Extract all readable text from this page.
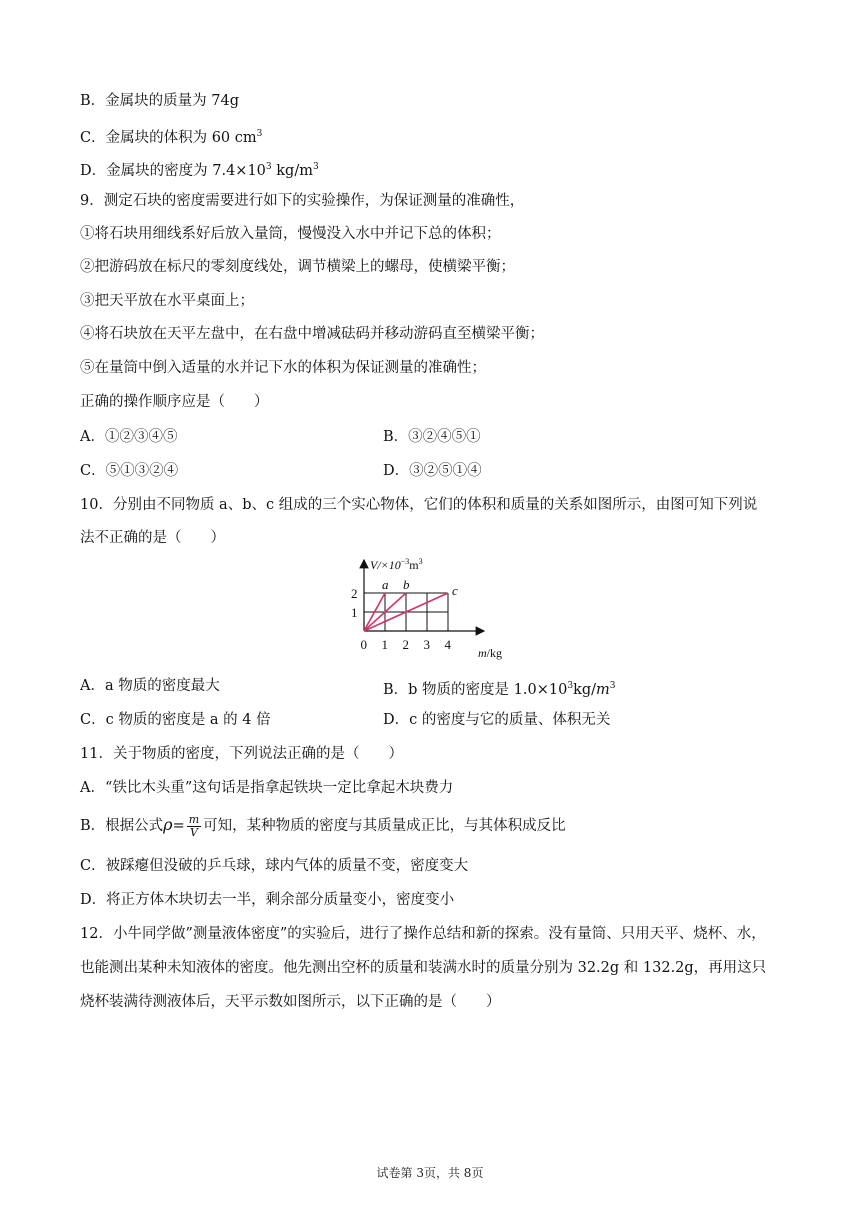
B．金属块的质量为 74g
C．金属块的体积为 60 $cm^3$
D．金属块的密度为 $7.4\times 10^3$ $kg/m^3$
9．测定石块的密度需要进行如下的实验操作，为保证测量的准确性，
①将石块用细线系好后放入量筒，慢慢没入水中并记下总的体积；
②把游码放在标尺的零刻度线处，调节横梁上的螺母，使横梁平衡；
③把天平放在水平桌面上；
④将石块放在天平左盘中，在右盘中增减砝码并移动游码直至横梁平衡；
⑤在量筒中倒入适量的水并记下水的体积为保证测量的准确性；
正确的操作顺序应是（　　）
A．①②③④⑤	B．③②④⑤①
C．⑤①③②④	D．③②⑤①④
10．分别由不同物质 a、b、c 组成的三个实心物体，它们的体积和质量的关系如图所示，由图可知下列说
法不正确的是（　　）
a b	c
0 1 2 3 4
1
2
$V/\times 10^{-3}m^3$
m/kg
A．a 物质的密度最大	B．b 物质的密度是 $1.0\times 10^3kg/m^3$
C．c 物质的密度是 a 的 4 倍	D．c 的密度与它的质量、体积无关
11．关于物质的密度，下列说法正确的是（　　）
A．“铁比木头重”这句话是指拿起铁块一定比拿起木块费力
B．根据公式$\rho= \frac{m}{V}$ 可知，某种物质的密度与其质量成正比，与其体积成反比
C．被踩瘪但没破的乒乓球，球内气体的质量不变，密度变大
D．将正方体木块切去一半，剩余部分质量变小，密度变小
12．小牛同学做”测量液体密度”的实验后，进行了操作总结和新的探索。没有量筒、只用天平、烧杯、水，
也能测出某种未知液体的密度。他先测出空杯的质量和装满水时的质量分别为 32.2g 和 132.2g，再用这只
烧杯装满待测液体后，天平示数如图所示，以下正确的是（　　）
试卷第 3页，共 8页
